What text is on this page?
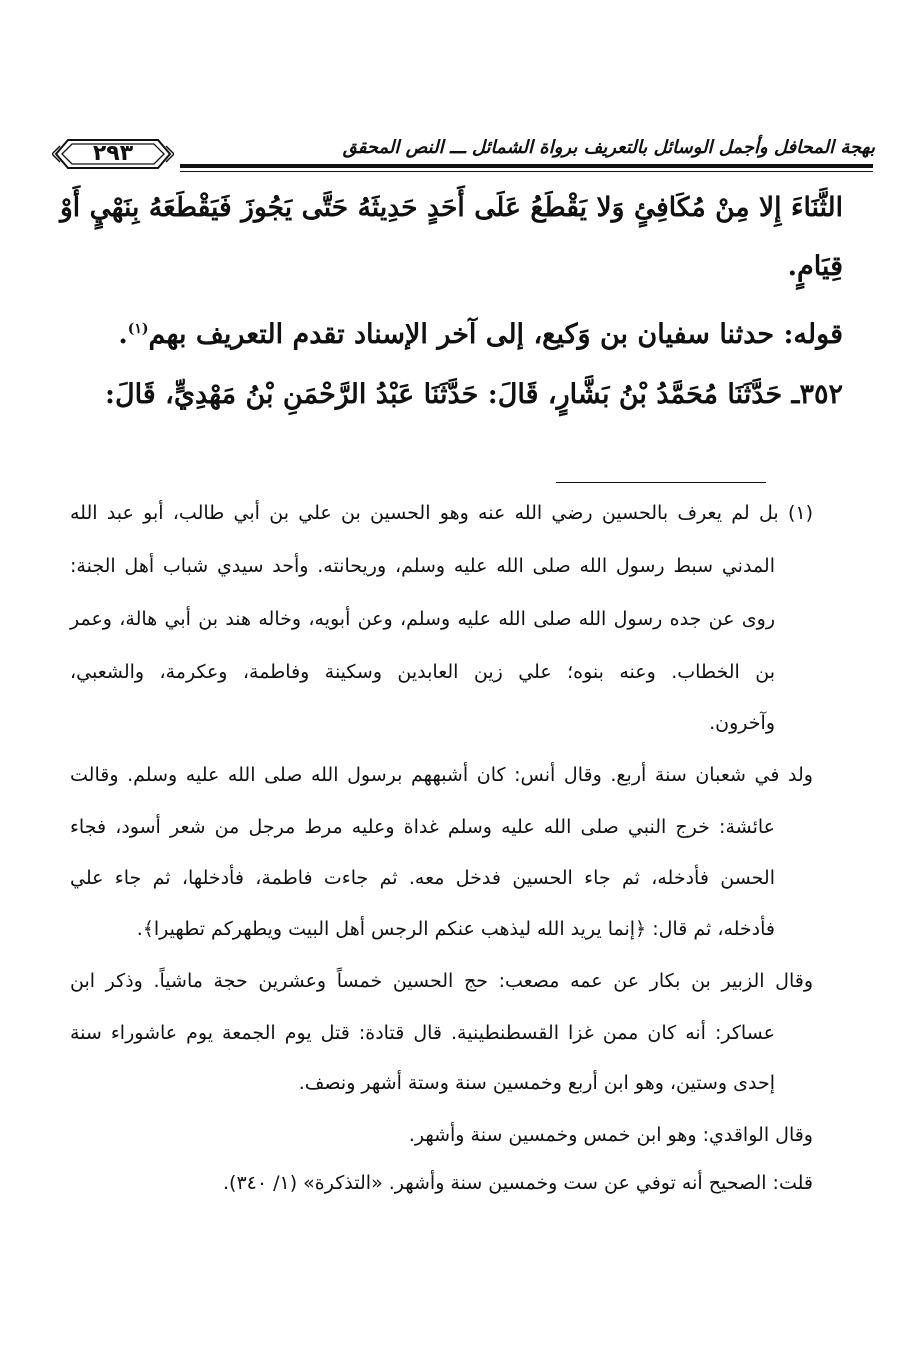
بهجة المحافل وأجمل الوسائل بالتعريف برواة الشمائل ـــ النص المحقق
٢٩٣
الثَّنَاءَ إِلا مِنْ مُكَافِئٍ وَلا يَقْطَعُ عَلَى أَحَدٍ حَدِيثَهُ حَتَّى يَجُوزَ فَيَقْطَعَهُ بِنَهْيٍ أَوْ
قِيَامٍ.
قوله: حدثنا سفيان بن وَكيع، إلى آخر الإسناد تقدم التعريف بهم$^{(١)}$.
٣٥٢ـ حَدَّثَنَا مُحَمَّدُ بْنُ بَشَّارٍ، قَالَ: حَدَّثَنَا عَبْدُ الرَّحْمَنِ بْنُ مَهْدِيٍّ، قَالَ:
(١) بل لم يعرف بالحسين رضي الله عنه وهو الحسين بن علي بن أبي طالب، أبو عبد الله
المدني سبط رسول الله صلى الله عليه وسلم، وريحانته. وأحد سيدي شباب أهل الجنة:
روى عن جده رسول الله صلى الله عليه وسلم، وعن أبويه، وخاله هند بن أبي هالة، وعمر
بن الخطاب. وعنه بنوه؛ علي زين العابدين وسكينة وفاطمة، وعكرمة، والشعبي،
وآخرون.
ولد في شعبان سنة أربع. وقال أنس: كان أشبههم برسول الله صلى الله عليه وسلم. وقالت
عائشة: خرج النبي صلى الله عليه وسلم غداة وعليه مرط مرجل من شعر أسود، فجاء
الحسن فأدخله، ثم جاء الحسين فدخل معه. ثم جاءت فاطمة، فأدخلها، ثم جاء علي
فأدخله، ثم قال: ﴿إنما يريد الله ليذهب عنكم الرجس أهل البيت ويطهركم تطهيرا﴾.
وقال الزبير بن بكار عن عمه مصعب: حج الحسين خمساً وعشرين حجة ماشياً. وذكر ابن
عساكر: أنه كان ممن غزا القسطنطينية. قال قتادة: قتل يوم الجمعة يوم عاشوراء سنة
إحدى وستين، وهو ابن أربع وخمسين سنة وستة أشهر ونصف.
وقال الواقدي: وهو ابن خمس وخمسين سنة وأشهر.
قلت: الصحيح أنه توفي عن ست وخمسين سنة وأشهر. «التذكرة» (١/ ٣٤٠).
